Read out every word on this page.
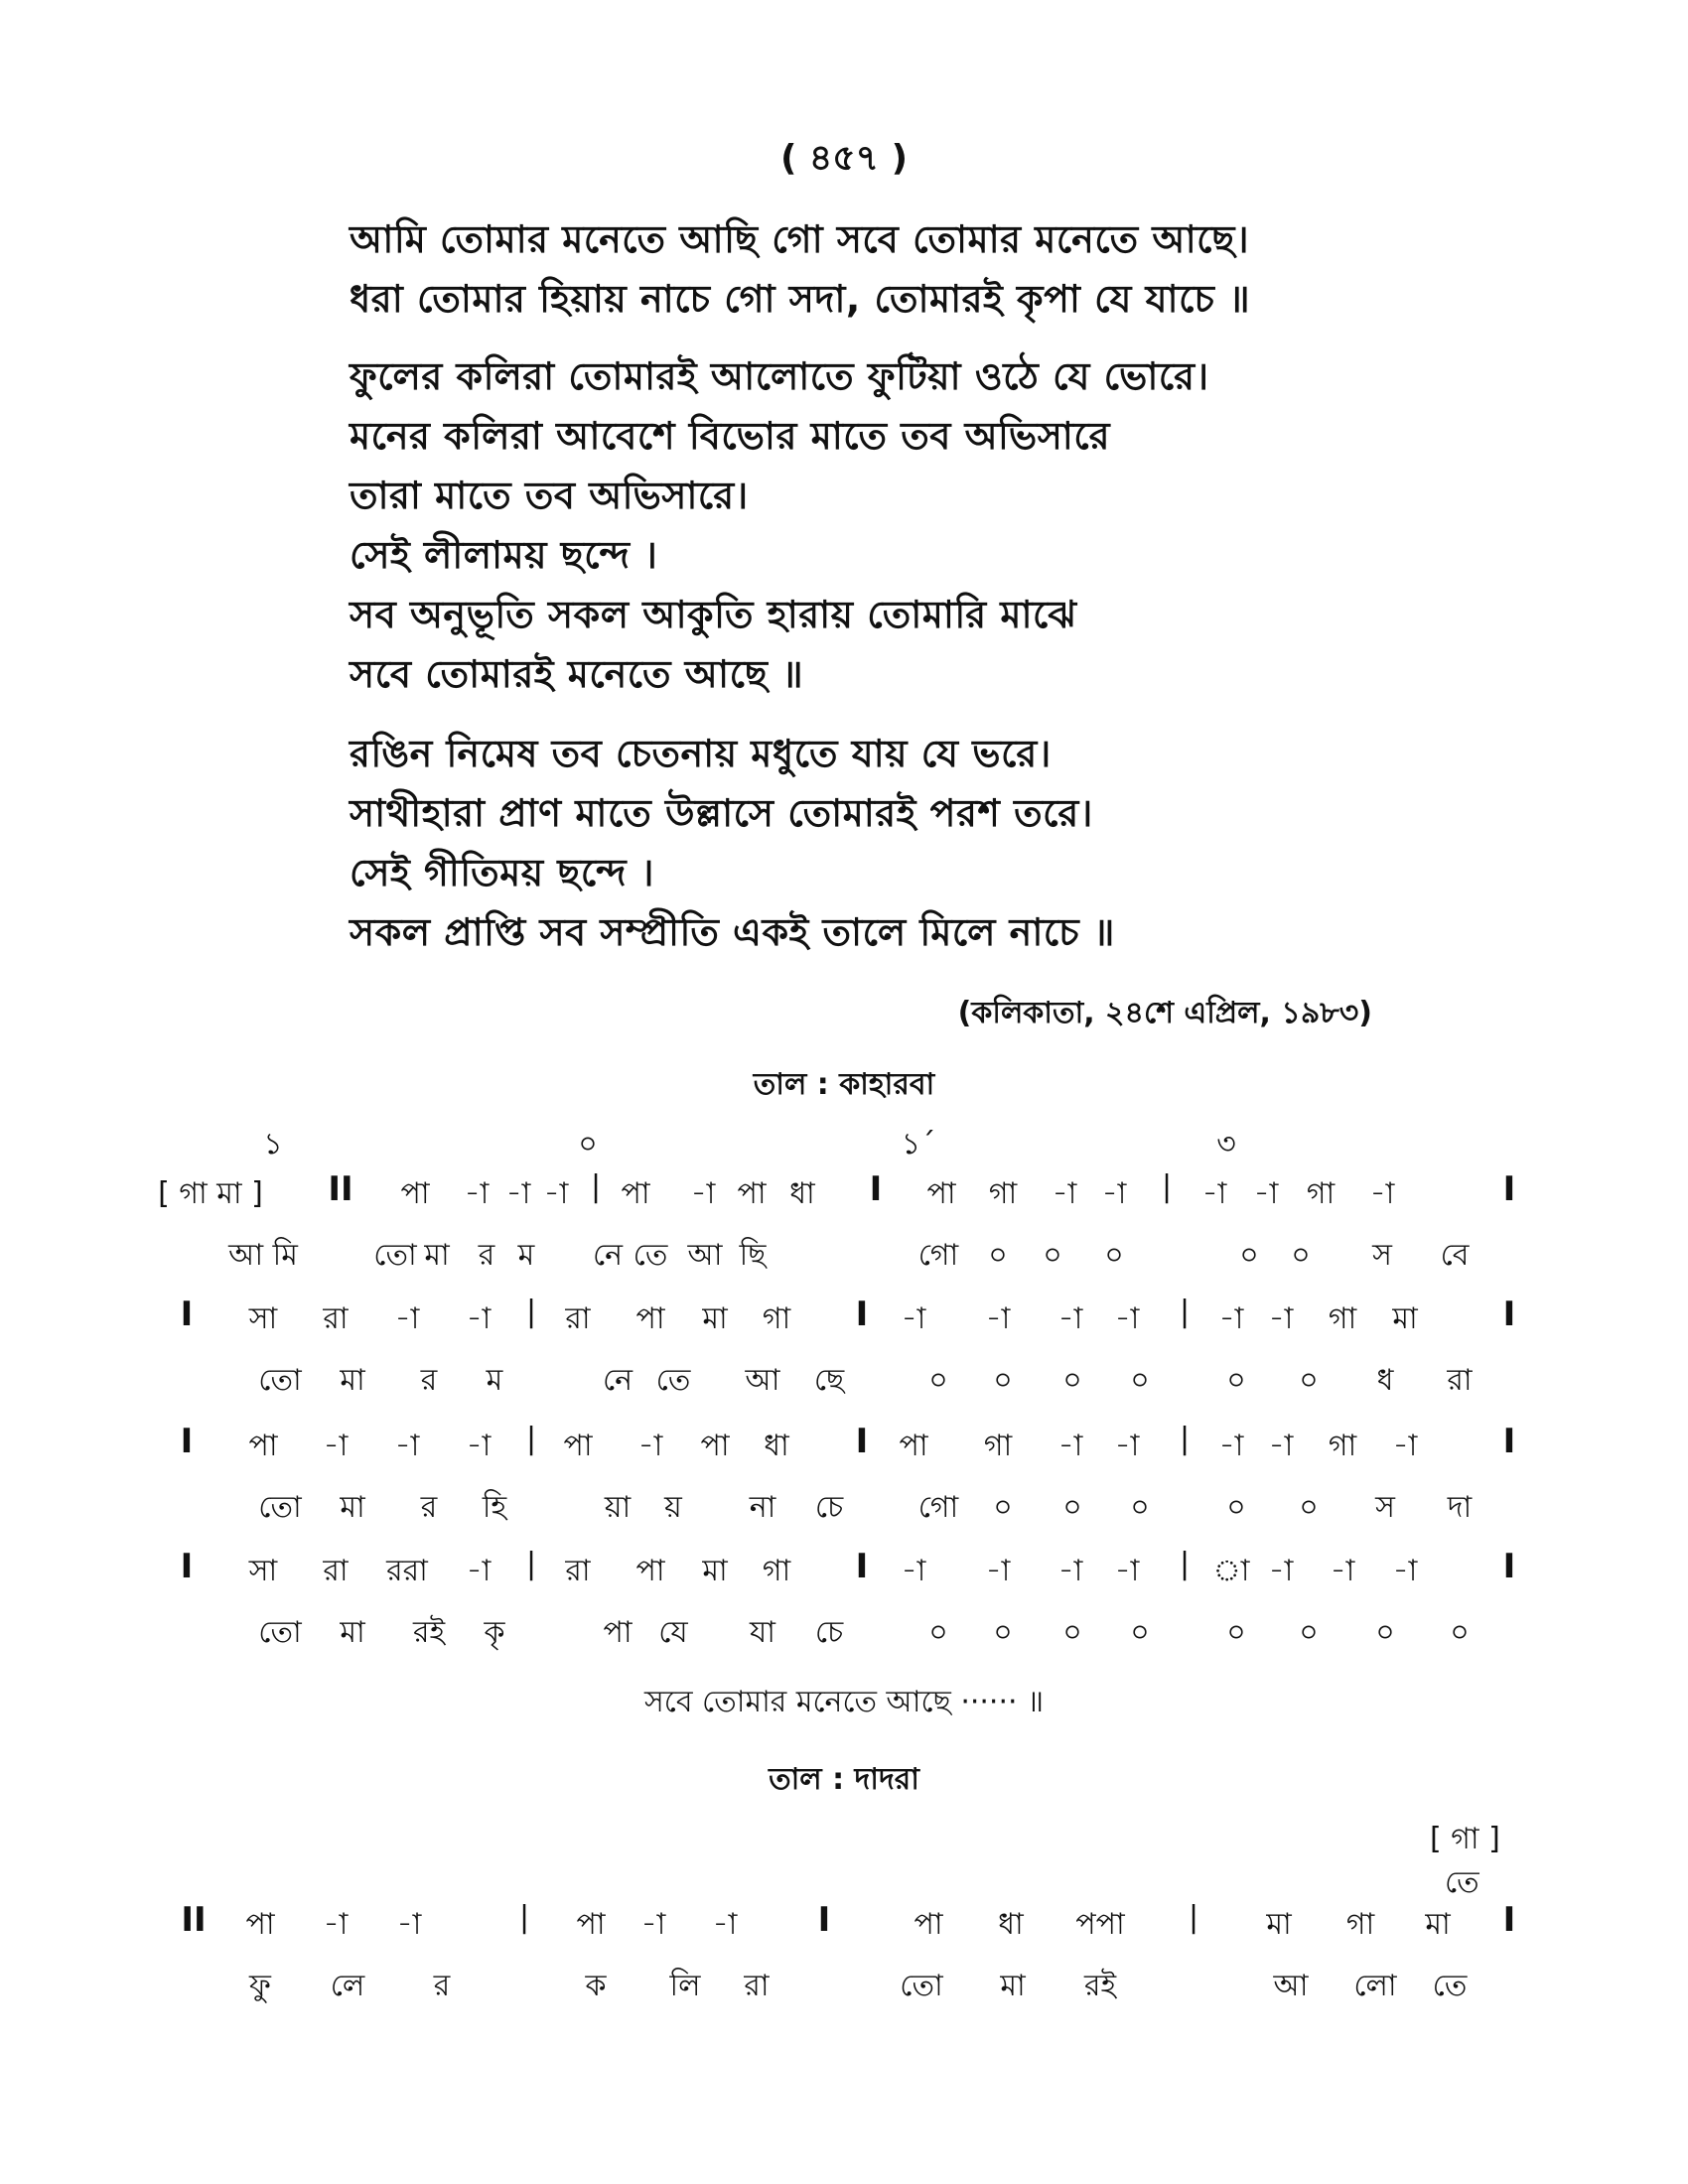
( ৪৫৭ )
আমি তোমার মনেতে আছি গো সবে তোমার মনেতে আছে।
ধরা তোমার হিয়ায় নাচে গো সদা, তোমারই কৃপা যে যাচে ॥
ফুলের কলিরা তোমারই আলোতে ফুটিয়া ওঠে যে ভোরে।
মনের কলিরা আবেশে বিভোর মাতে তব অভিসারে
তারা মাতে তব অভিসারে।
সেই লীলাময় ছন্দে ।
সব অনুভূতি সকল আকুতি হারায় তোমারি মাঝে
সবে তোমারই মনেতে আছে ॥
রঙিন নিমেষ তব চেতনায় মধুতে যায় যে ভরে।
সাথীহারা প্রাণ মাতে উল্লাসে তোমারই পরশ তরে।
সেই গীতিময় ছন্দে ।
সকল প্রাপ্তি সব সম্প্রীতি একই তালে মিলে নাচে ॥
(কলিকাতা, ২৪শে এপ্রিল, ১৯৮৩)
তাল : কাহারবা
১	০	১´	৩
[ গা মা ] II পা -া -া -া | পা -া পা ধা I পা গা -া -া | -া -া গা -া	I
আ মি	তো মা র ম নে তে আ ছি	গো ০ ০ ০	০ ০ স বে
I সা রা -া -া | রা পা মা গা I -া -া -া -া | -া -া গা মা	I
তো মা র ম	নে তে আ ছে	০ ০ ০ ০	০ ০ ধ রা
I পা -া -া -া | পা -া পা ধা I পা গা -া -া | -া -া গা -া	I
তো মা র হি	য়া য় না চে	গো ০ ০ ০	০ ০ স দা
I সা রা ররা -া | রা পা মা গা I -া -া -া -া | া -া -া -া	I
তো মা রই কৃ	পা যে যা চে	০ ০ ০ ০	০ ০ ০ ০
সবে তোমার মনেতে আছে ······ ॥
তাল : দাদরা
[ গা ]
তে
II পা -া -া	| পা -া -া I	পা ধা পপা | মা গা মা I
ফু লে র	ক লি রা	তো মা রই	আ লো তে
